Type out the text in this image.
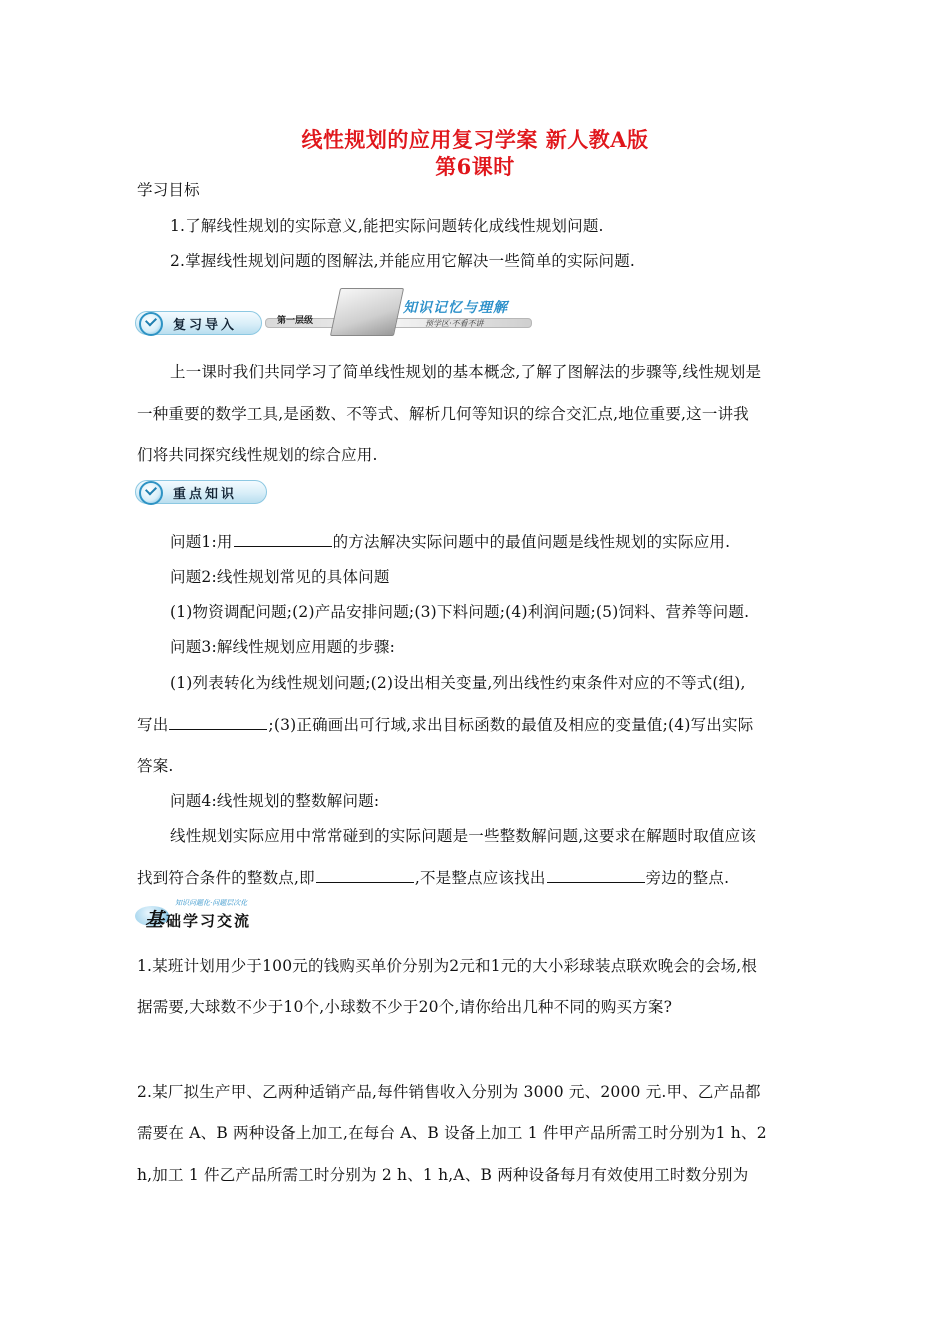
线性规划的应用复习学案 新人教A版
第6课时
学习目标
1.了解线性规划的实际意义,能把实际问题转化成线性规划问题.
2.掌握线性规划问题的图解法,并能应用它解决一些简单的实际问题.
复习导入	第一层级
知识记忆与理解
预学区·不看不讲
上一课时我们共同学习了简单线性规划的基本概念,了解了图解法的步骤等,线性规划是
一种重要的数学工具,是函数、不等式、解析几何等知识的综合交汇点,地位重要,这一讲我
们将共同探究线性规划的综合应用.
重点知识
问题1:用	的方法解决实际问题中的最值问题是线性规划的实际应用.
问题2:线性规划常见的具体问题
(1)物资调配问题;(2)产品安排问题;(3)下料问题;(4)利润问题;(5)饲料、营养等问题.
问题3:解线性规划应用题的步骤:
(1)列表转化为线性规划问题;(2)设出相关变量,列出线性约束条件对应的不等式(组),
写出	;(3)正确画出可行域,求出目标函数的最值及相应的变量值;(4)写出实际
答案.
问题4:线性规划的整数解问题:
线性规划实际应用中常常碰到的实际问题是一些整数解问题,这要求在解题时取值应该
找到符合条件的整数点,即	,不是整点应该找出	旁边的整点.
知识问题化·问题层次化
基础学习交流
1.某班计划用少于100元的钱购买单价分别为2元和1元的大小彩球装点联欢晚会的会场,根
据需要,大球数不少于10个,小球数不少于20个,请你给出几种不同的购买方案?
2.某厂拟生产甲、乙两种适销产品,每件销售收入分别为 3000 元、2000 元.甲、乙产品都
需要在 A、B 两种设备上加工,在每台 A、B 设备上加工 1 件甲产品所需工时分别为1 h、2
h,加工 1 件乙产品所需工时分别为 2 h、1 h,A、B 两种设备每月有效使用工时数分别为
